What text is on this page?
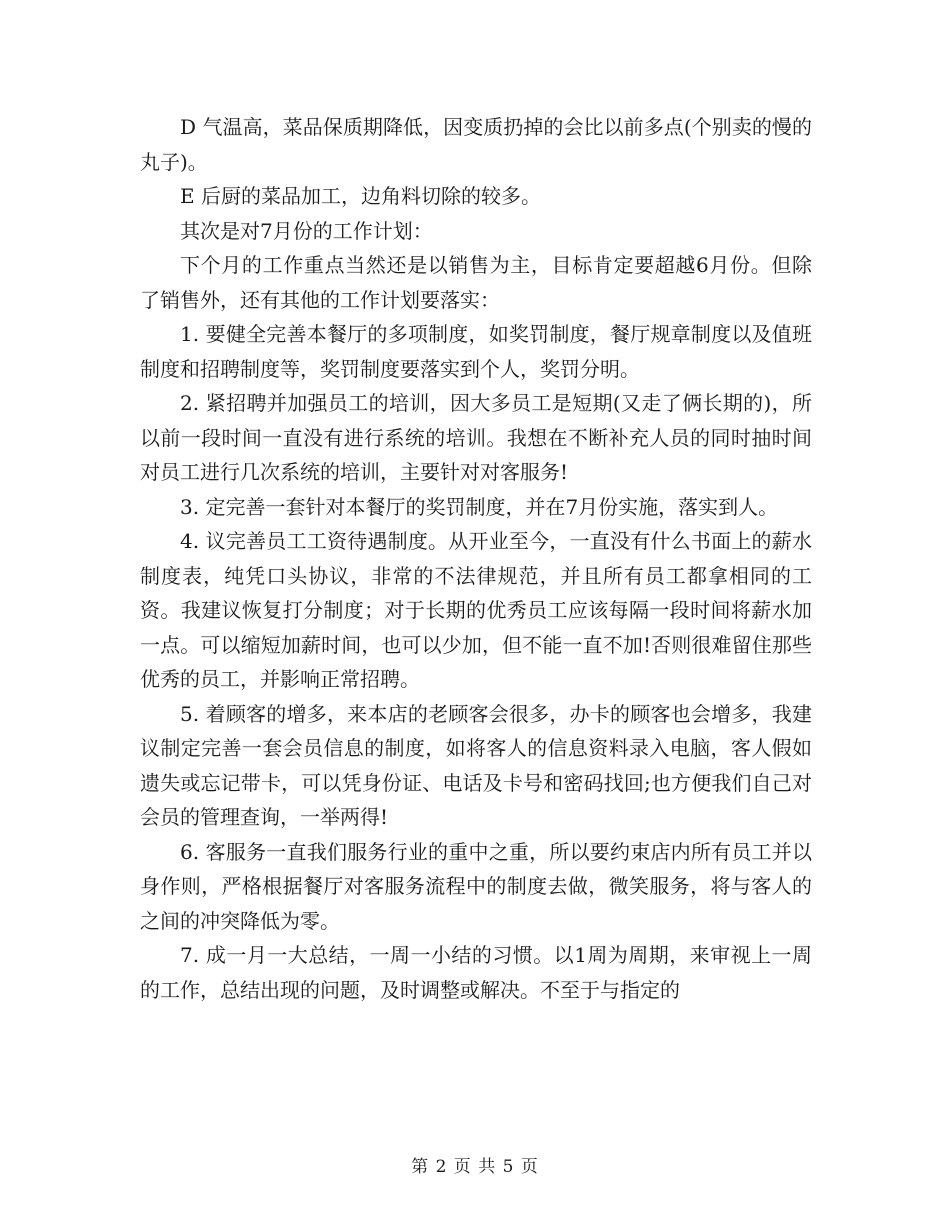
D 气温高，菜品保质期降低，因变质扔掉的会比以前多点(个别卖的慢的丸子)。

E 后厨的菜品加工，边角料切除的较多。

其次是对7月份的工作计划：

下个月的工作重点当然还是以销售为主，目标肯定要超越6月份。但除了销售外，还有其他的工作计划要落实：

1. 要健全完善本餐厅的多项制度，如奖罚制度，餐厅规章制度以及值班制度和招聘制度等，奖罚制度要落实到个人，奖罚分明。

2. 紧招聘并加强员工的培训，因大多员工是短期(又走了俩长期的)，所以前一段时间一直没有进行系统的培训。我想在不断补充人员的同时抽时间对员工进行几次系统的培训，主要针对对客服务!

3. 定完善一套针对本餐厅的奖罚制度，并在7月份实施，落实到人。

4. 议完善员工工资待遇制度。从开业至今，一直没有什么书面上的薪水制度表，纯凭口头协议，非常的不法律规范，并且所有员工都拿相同的工资。我建议恢复打分制度；对于长期的优秀员工应该每隔一段时间将薪水加一点。可以缩短加薪时间，也可以少加，但不能一直不加!否则很难留住那些优秀的员工，并影响正常招聘。

5. 着顾客的增多，来本店的老顾客会很多，办卡的顾客也会增多，我建议制定完善一套会员信息的制度，如将客人的信息资料录入电脑，客人假如遗失或忘记带卡，可以凭身份证、电话及卡号和密码找回;也方便我们自己对会员的管理查询，一举两得!

6. 客服务一直我们服务行业的重中之重，所以要约束店内所有员工并以身作则，严格根据餐厅对客服务流程中的制度去做，微笑服务，将与客人的之间的冲突降低为零。

7. 成一月一大总结，一周一小结的习惯。以1周为周期，来审视上一周的工作，总结出现的问题，及时调整或解决。不至于与指定的

第 2 页 共 5 页
